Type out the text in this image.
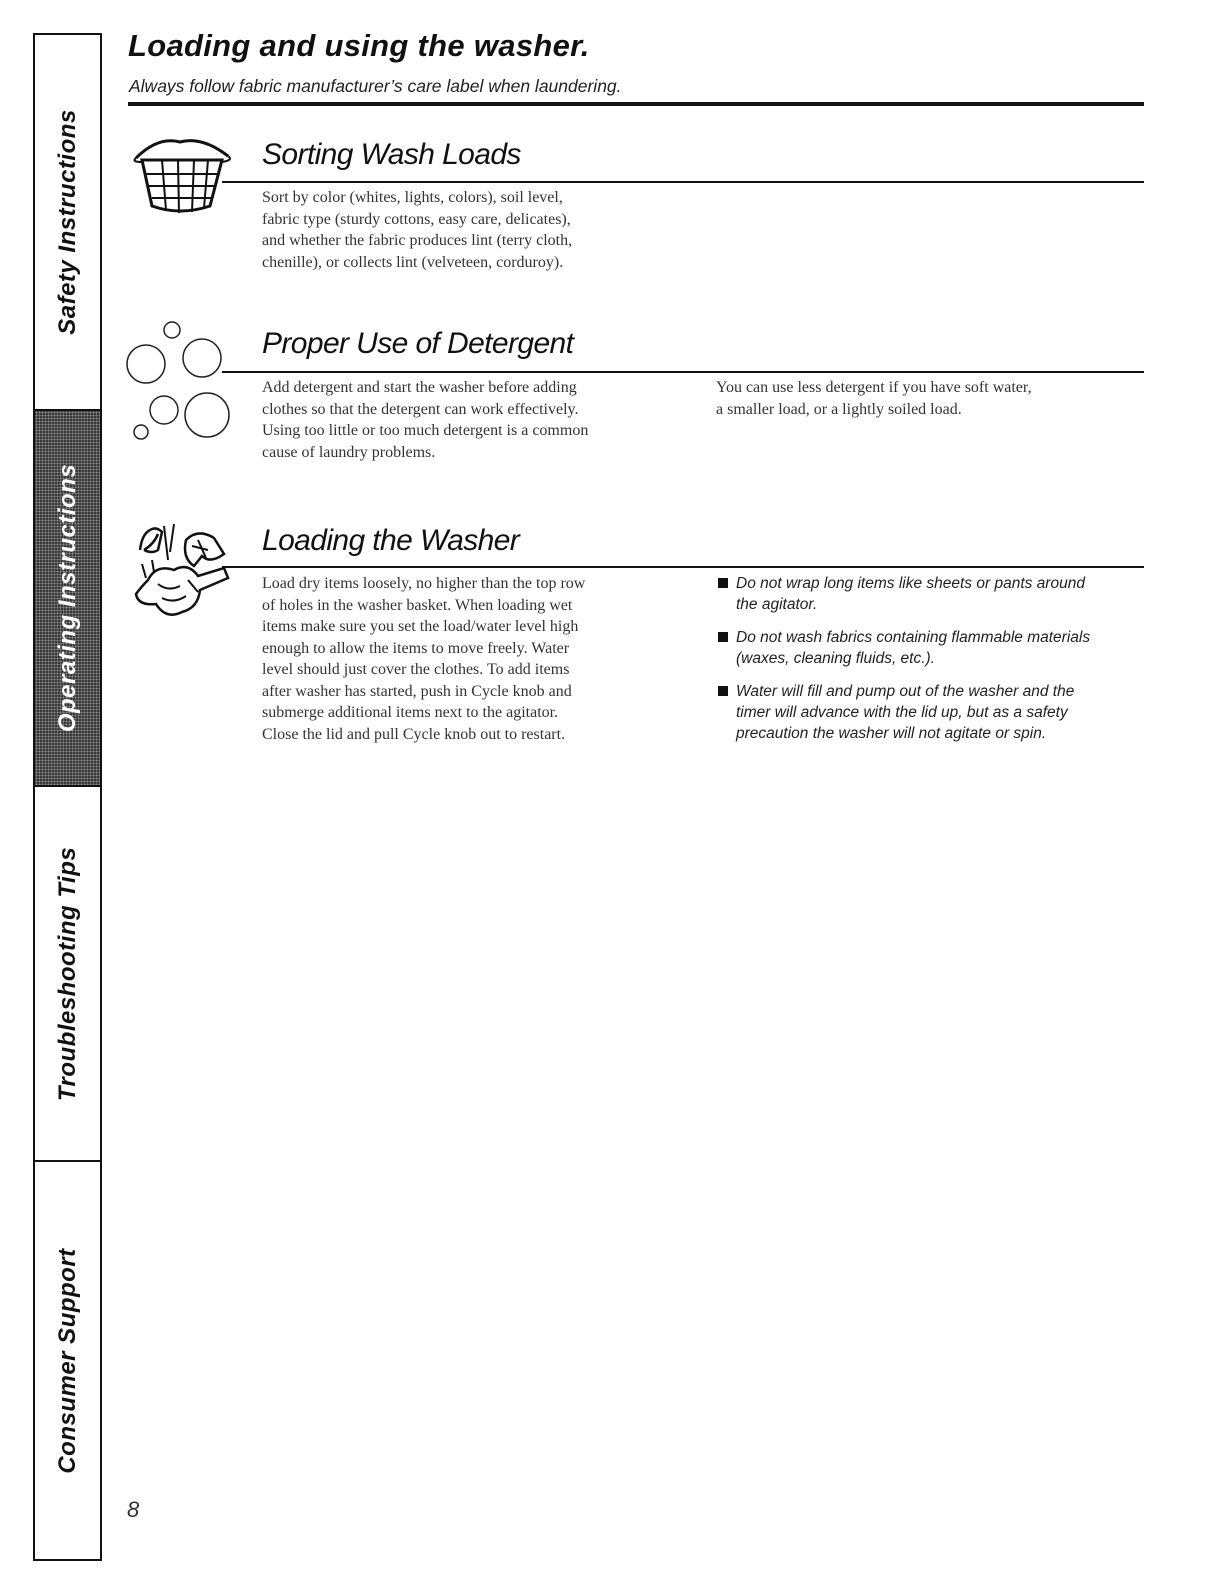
Safety Instructions
Operating Instructions
Troubleshooting Tips
Consumer Support
Loading and using the washer.

Always follow fabric manufacturer’s care label when laundering.

Sorting Wash Loads

Sort by color (whites, lights, colors), soil level,
fabric type (sturdy cottons, easy care, delicates),
and whether the fabric produces lint (terry cloth,
chenille), or collects lint (velveteen, corduroy).

Proper Use of Detergent

Add detergent and start the washer before adding
clothes so that the detergent can work effectively.
Using too little or too much detergent is a common
cause of laundry problems.

You can use less detergent if you have soft water,
a smaller load, or a lightly soiled load.

Loading the Washer

Load dry items loosely, no higher than the top row
of holes in the washer basket. When loading wet
items make sure you set the load/water level high
enough to allow the items to move freely. Water
level should just cover the clothes. To add items
after washer has started, push in Cycle knob and
submerge additional items next to the agitator.
Close the lid and pull Cycle knob out to restart.

Do not wrap long items like sheets or pants around
the agitator.
Do not wash fabrics containing flammable materials
(waxes, cleaning fluids, etc.).
Water will fill and pump out of the washer and the
timer will advance with the lid up, but as a safety
precaution the washer will not agitate or spin.

8
